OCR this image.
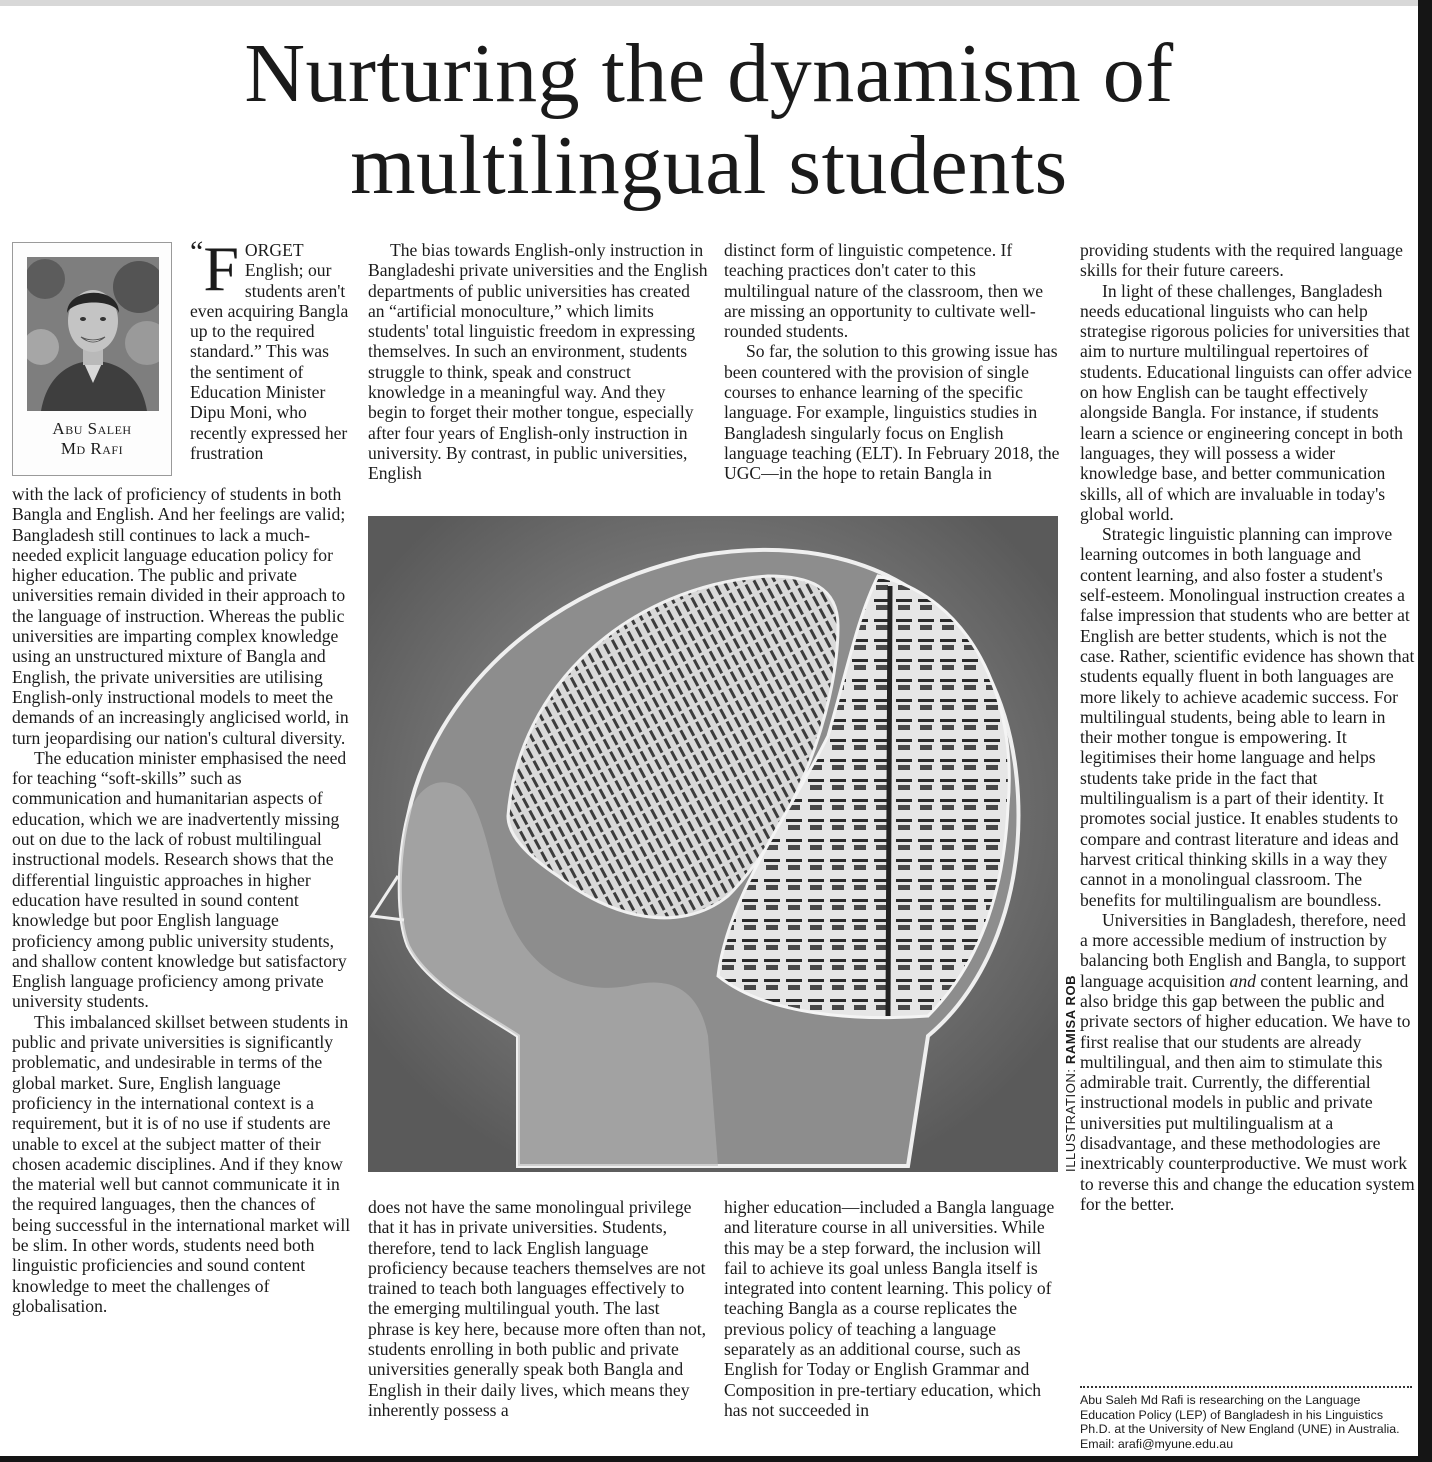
Nurturing the dynamism of
multilingual students
Abu Saleh
Md Rafi

“F ORGET English; our students aren't even acquiring Bangla up to the required standard.” This was the sentiment of Education Minister Dipu Moni, who recently expressed her frustration

with the lack of proficiency of students in both Bangla and English. And her feelings are valid; Bangladesh still continues to lack a much-needed explicit language education policy for higher education. The public and private universities remain divided in their approach to the language of instruction. Whereas the public universities are imparting complex knowledge using an unstructured mixture of Bangla and English, the private universities are utilising English-only instructional models to meet the demands of an increasingly anglicised world, in turn jeopardising our nation's cultural diversity.

The education minister emphasised the need for teaching “soft-skills” such as communication and humanitarian aspects of education, which we are inadvertently missing out on due to the lack of robust multilingual instructional models. Research shows that the differential linguistic approaches in higher education have resulted in sound content knowledge but poor English language proficiency among public university students, and shallow content knowledge but satisfactory English language proficiency among private university students.

This imbalanced skillset between students in public and private universities is significantly problematic, and undesirable in terms of the global market. Sure, English language proficiency in the international context is a requirement, but it is of no use if students are unable to excel at the subject matter of their chosen academic disciplines. And if they know the material well but cannot communicate it in the required languages, then the chances of being successful in the international market will be slim. In other words, students need both linguistic proficiencies and sound content knowledge to meet the challenges of globalisation.

The bias towards English-only instruction in Bangladeshi private universities and the English departments of public universities has created an “artificial monoculture,” which limits students' total linguistic freedom in expressing themselves. In such an environment, students struggle to think, speak and construct knowledge in a meaningful way. And they begin to forget their mother tongue, especially after four years of English-only instruction in university. By contrast, in public universities, English

distinct form of linguistic competence. If teaching practices don't cater to this multilingual nature of the classroom, then we are missing an opportunity to cultivate well-rounded students.

So far, the solution to this growing issue has been countered with the provision of single courses to enhance learning of the specific language. For example, linguistics studies in Bangladesh singularly focus on English language teaching (ELT). In February 2018, the UGC—in the hope to retain Bangla in

ILLUSTRATION: RAMISA ROB

does not have the same monolingual privilege that it has in private universities. Students, therefore, tend to lack English language proficiency because teachers themselves are not trained to teach both languages effectively to the emerging multilingual youth. The last phrase is key here, because more often than not, students enrolling in both public and private universities generally speak both Bangla and English in their daily lives, which means they inherently possess a

higher education—included a Bangla language and literature course in all universities. While this may be a step forward, the inclusion will fail to achieve its goal unless Bangla itself is integrated into content learning. This policy of teaching Bangla as a course replicates the previous policy of teaching a language separately as an additional course, such as English for Today or English Grammar and Composition in pre-tertiary education, which has not succeeded in

providing students with the required language skills for their future careers.

In light of these challenges, Bangladesh needs educational linguists who can help strategise rigorous policies for universities that aim to nurture multilingual repertoires of students. Educational linguists can offer advice on how English can be taught effectively alongside Bangla. For instance, if students learn a science or engineering concept in both languages, they will possess a wider knowledge base, and better communication skills, all of which are invaluable in today's global world.

Strategic linguistic planning can improve learning outcomes in both language and content learning, and also foster a student's self-esteem. Monolingual instruction creates a false impression that students who are better at English are better students, which is not the case. Rather, scientific evidence has shown that students equally fluent in both languages are more likely to achieve academic success. For multilingual students, being able to learn in their mother tongue is empowering. It legitimises their home language and helps students take pride in the fact that multilingualism is a part of their identity. It promotes social justice. It enables students to compare and contrast literature and ideas and harvest critical thinking skills in a way they cannot in a monolingual classroom. The benefits for multilingualism are boundless.

Universities in Bangladesh, therefore, need a more accessible medium of instruction by balancing both English and Bangla, to support language acquisition and content learning, and also bridge this gap between the public and private sectors of higher education. We have to first realise that our students are already multilingual, and then aim to stimulate this admirable trait. Currently, the differential instructional models in public and private universities put multilingualism at a disadvantage, and these methodologies are inextricably counterproductive. We must work to reverse this and change the education system for the better.

Abu Saleh Md Rafi is researching on the Language Education Policy (LEP) of Bangladesh in his Linguistics Ph.D. at the University of New England (UNE) in Australia. Email: arafi@myune.edu.au
